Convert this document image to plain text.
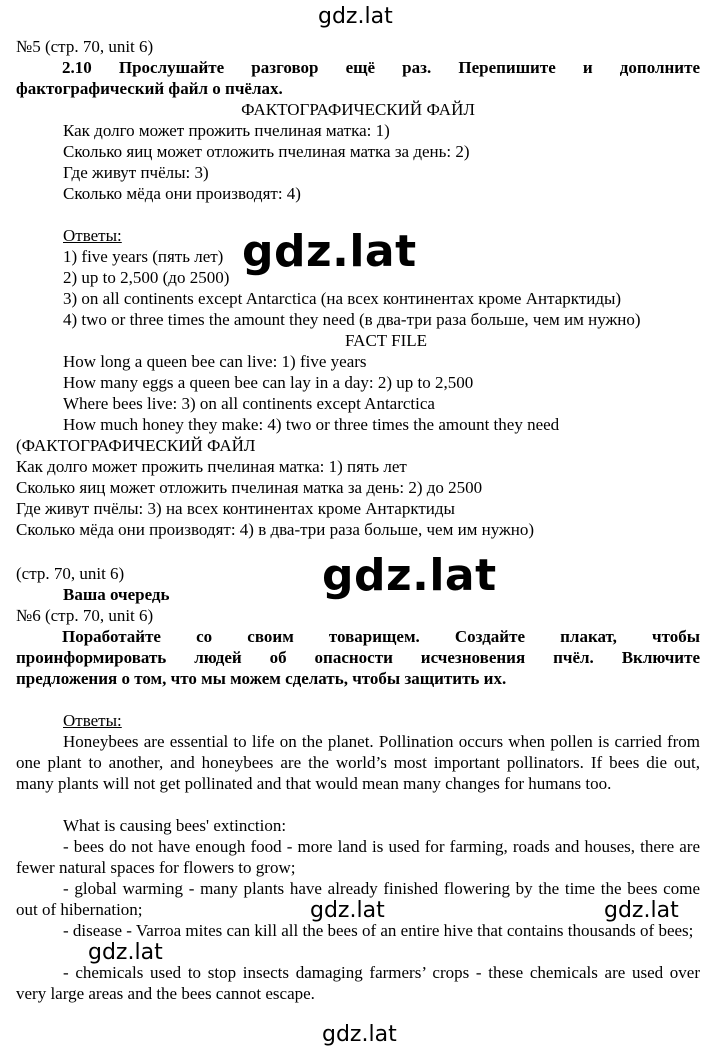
gdz.lat
№5 (стр. 70, unit 6)
2.10 Прослушайте разговор ещё раз. Перепишите и дополните
фактографический файл о пчёлах.
ФАКТОГРАФИЧЕСКИЙ ФАЙЛ
Как долго может прожить пчелиная матка: 1)
Сколько яиц может отложить пчелиная матка за день: 2)
Где живут пчёлы: 3)
Сколько мёда они производят: 4)
Ответы:
1) five years (пять лет)
2) up to 2,500 (до 2500)
3) on all continents except Antarctica (на всех континентах кроме Антарктиды)
4) two or three times the amount they need (в два-три раза больше, чем им нужно)
gdz.lat
FACT FILE
How long a queen bee can live: 1) five years
How many eggs a queen bee can lay in a day: 2) up to 2,500
Where bees live: 3) on all continents except Antarctica
How much honey they make: 4) two or three times the amount they need
(ФАКТОГРАФИЧЕСКИЙ ФАЙЛ
Как долго может прожить пчелиная матка: 1) пять лет
Сколько яиц может отложить пчелиная матка за день: 2) до 2500
Где живут пчёлы: 3) на всех континентах кроме Антарктиды
Сколько мёда они производят: 4) в два-три раза больше, чем им нужно)
(стр. 70, unit 6)
Ваша очередь	gdz.lat
№6 (стр. 70, unit 6)
Поработайте со своим товарищем. Создайте плакат, чтобы
проинформировать людей об опасности исчезновения пчёл. Включите
предложения о том, что мы можем сделать, чтобы защитить их.
Ответы:
Honeybees are essential to life on the planet. Pollination occurs when pollen is carried from one plant to another, and honeybees are the world’s most important pollinators. If bees die out, many plants will not get pollinated and that would mean many changes for humans too.
What is causing bees' extinction:
- bees do not have enough food - more land is used for farming, roads and houses, there are fewer natural spaces for flowers to grow;
- global warming - many plants have already finished flowering by the time the bees come out of hibernation;
- disease - Varroa mites can kill all the bees of an entire hive that contains thousands of bees;
- chemicals used to stop insects damaging farmers’ crops - these chemicals are used over very large areas and the bees cannot escape.
gdz.lat	gdz.lat
gdz.lat
gdz.lat
